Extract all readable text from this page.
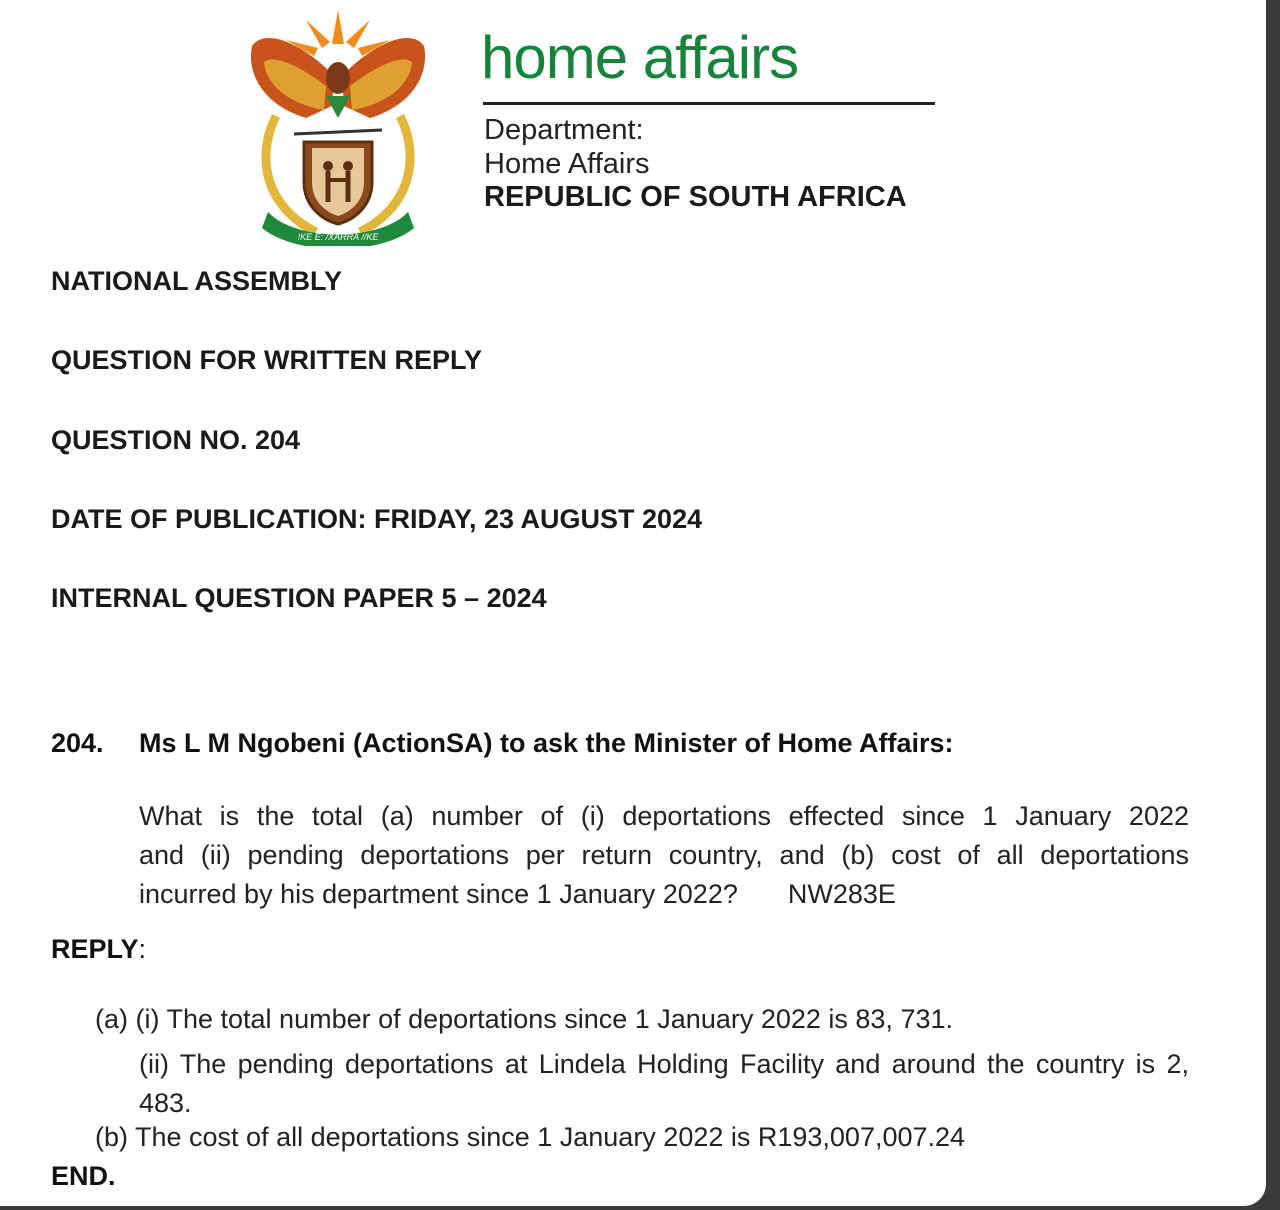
!KE E: /XARRA //KE
home affairs
Department:
Home Affairs
REPUBLIC OF SOUTH AFRICA
NATIONAL ASSEMBLY
QUESTION FOR WRITTEN REPLY
QUESTION NO. 204
DATE OF PUBLICATION: FRIDAY, 23 AUGUST 2024
INTERNAL QUESTION PAPER 5 – 2024
204. Ms L M Ngobeni (ActionSA) to ask the Minister of Home Affairs:
What is the total (a) number of (i) deportations effected since 1 January 2022
and (ii) pending deportations per return country, and (b) cost of all deportations
incurred by his department since 1 January 2022? NW283E
REPLY:
(a) (i) The total number of deportations since 1 January 2022 is 83, 731.
(ii) The pending deportations at Lindela Holding Facility and around the country is 2, 483.
(b) The cost of all deportations since 1 January 2022 is R193,007,007.24
END.
